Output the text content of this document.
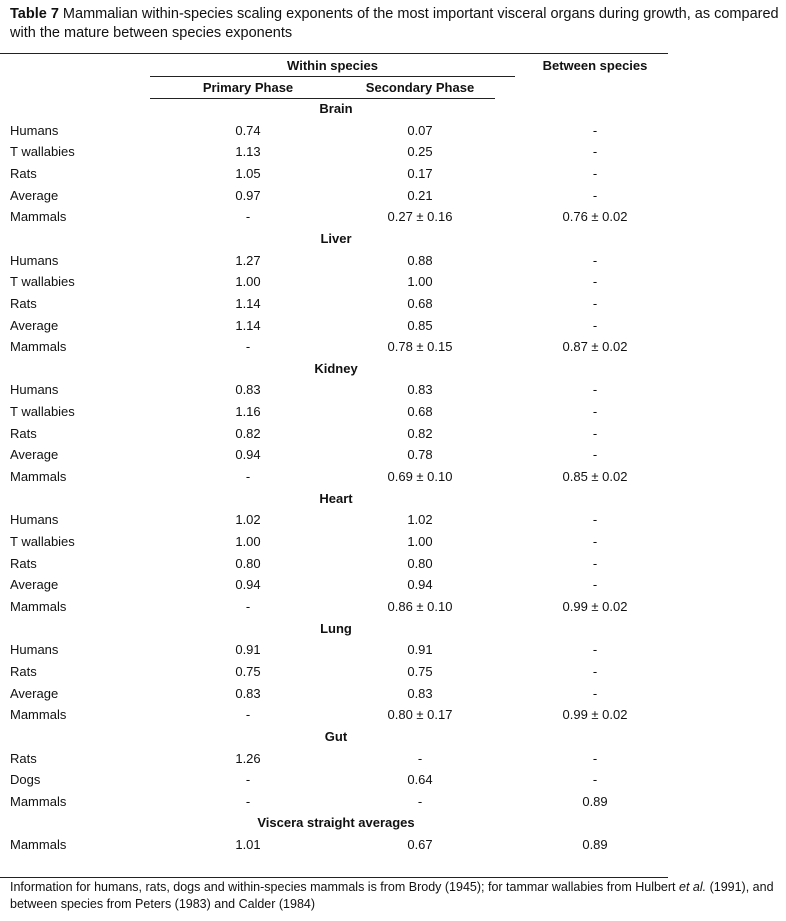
Table 7 Mammalian within-species scaling exponents of the most important visceral organs during growth, as compared with the mature between species exponents
Within species	Between species
Primary Phase	Secondary Phase
Brain
Humans	0.74	0.07	-
T wallabies	1.13	0.25	-
Rats	1.05	0.17	-
Average	0.97	0.21	-
Mammals	-	0.27 ± 0.16	0.76 ± 0.02
Liver
Humans	1.27	0.88	-
T wallabies	1.00	1.00	-
Rats	1.14	0.68	-
Average	1.14	0.85	-
Mammals	-	0.78 ± 0.15	0.87 ± 0.02
Kidney
Humans	0.83	0.83	-
T wallabies	1.16	0.68	-
Rats	0.82	0.82	-
Average	0.94	0.78	-
Mammals	-	0.69 ± 0.10	0.85 ± 0.02
Heart
Humans	1.02	1.02	-
T wallabies	1.00	1.00	-
Rats	0.80	0.80	-
Average	0.94	0.94	-
Mammals	-	0.86 ± 0.10	0.99 ± 0.02
Lung
Humans	0.91	0.91	-
Rats	0.75	0.75	-
Average	0.83	0.83	-
Mammals	-	0.80 ± 0.17	0.99 ± 0.02
Gut
Rats	1.26	-	-
Dogs	-	0.64	-
Mammals	-	-	0.89
Viscera straight averages
Mammals	1.01	0.67	0.89
Information for humans, rats, dogs and within-species mammals is from Brody (1945); for tammar wallabies from Hulbert et al. (1991), and between species from Peters (1983) and Calder (1984)
